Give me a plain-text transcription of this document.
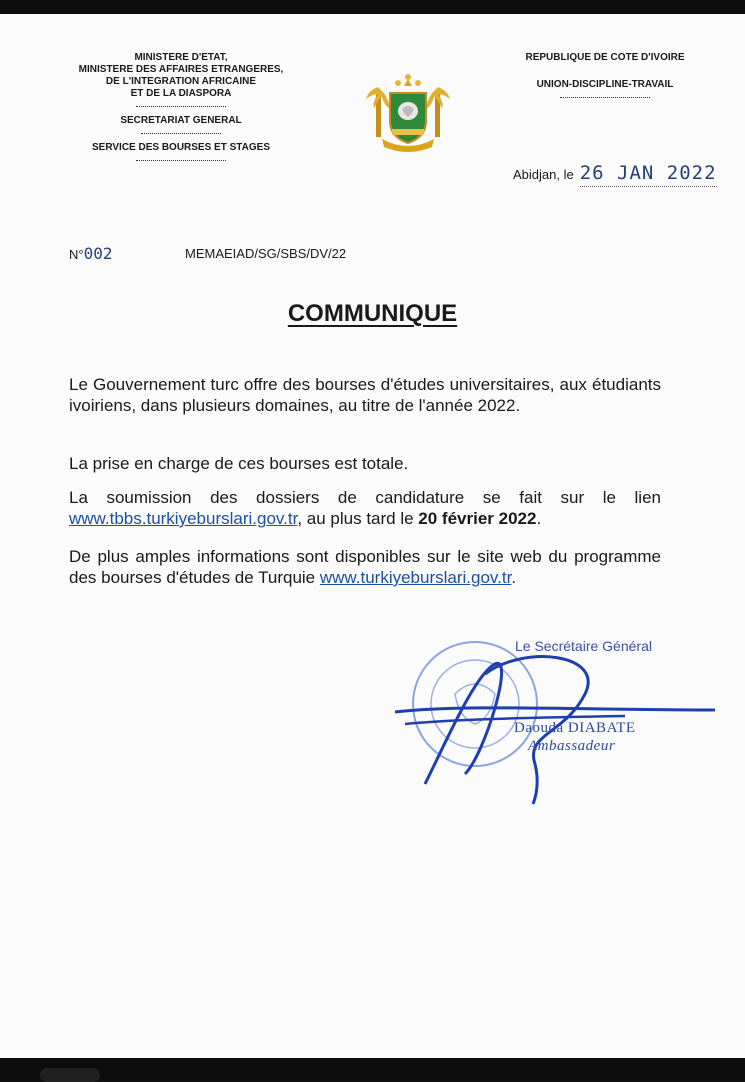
MINISTERE D'ETAT,
MINISTERE DES AFFAIRES ETRANGERES,
DE L'INTEGRATION AFRICAINE
ET DE LA DIASPORA
SECRETARIAT GENERAL
SERVICE DES BOURSES ET STAGES
REPUBLIQUE DE COTE D'IVOIRE
UNION-DISCIPLINE-TRAVAIL
Abidjan, le 26 JAN 2022
N°002	MEMAEIAD/SG/SBS/DV/22
COMMUNIQUE
Le Gouvernement turc offre des bourses d'études universitaires, aux étudiants ivoiriens, dans plusieurs domaines, au titre de l'année 2022.
La prise en charge de ces bourses est totale.
La soumission des dossiers de candidature se fait sur le lien www.tbbs.turkiyeburslari.gov.tr, au plus tard le 20 février 2022.
De plus amples informations sont disponibles sur le site web du programme des bourses d'études de Turquie www.turkiyeburslari.gov.tr.
Le Secrétaire Général
Daouda DIABATE
Ambassadeur
